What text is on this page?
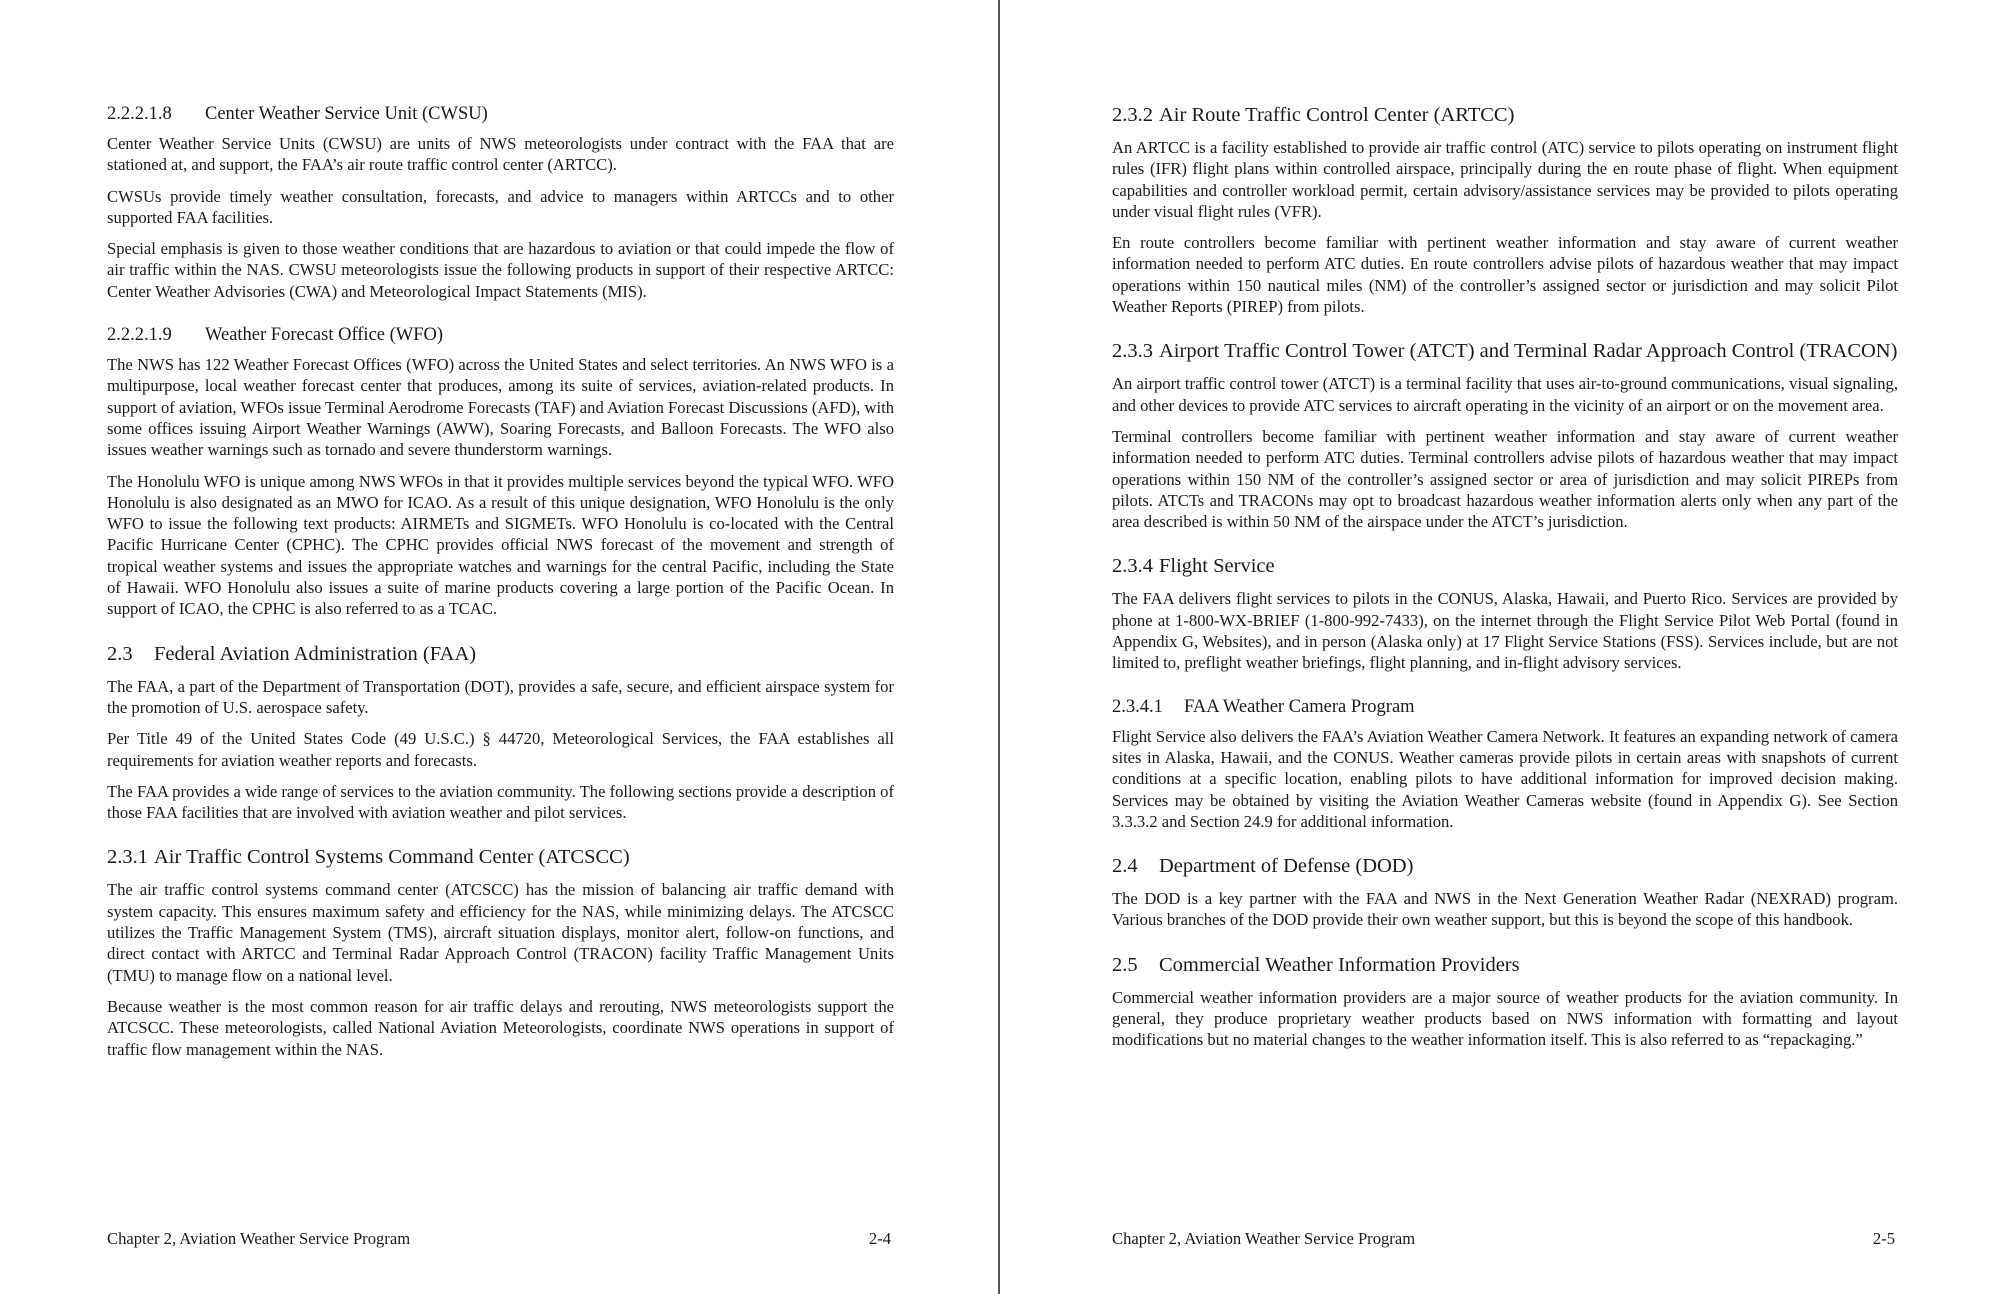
2.2.2.1.8	Center Weather Service Unit (CWSU)

Center Weather Service Units (CWSU) are units of NWS meteorologists under contract with the FAA that are stationed at, and support, the FAA’s air route traffic control center (ARTCC).

CWSUs provide timely weather consultation, forecasts, and advice to managers within ARTCCs and to other supported FAA facilities.

Special emphasis is given to those weather conditions that are hazardous to aviation or that could impede the flow of air traffic within the NAS. CWSU meteorologists issue the following products in support of their respective ARTCC: Center Weather Advisories (CWA) and Meteorological Impact Statements (MIS).

2.2.2.1.9	Weather Forecast Office (WFO)

The NWS has 122 Weather Forecast Offices (WFO) across the United States and select territories. An NWS WFO is a multipurpose, local weather forecast center that produces, among its suite of services, aviation-related products. In support of aviation, WFOs issue Terminal Aerodrome Forecasts (TAF) and Aviation Forecast Discussions (AFD), with some offices issuing Airport Weather Warnings (AWW), Soaring Forecasts, and Balloon Forecasts. The WFO also issues weather warnings such as tornado and severe thunderstorm warnings.

The Honolulu WFO is unique among NWS WFOs in that it provides multiple services beyond the typical WFO. WFO Honolulu is also designated as an MWO for ICAO. As a result of this unique designation, WFO Honolulu is the only WFO to issue the following text products: AIRMETs and SIGMETs. WFO Honolulu is co-located with the Central Pacific Hurricane Center (CPHC). The CPHC provides official NWS forecast of the movement and strength of tropical weather systems and issues the appropriate watches and warnings for the central Pacific, including the State of Hawaii. WFO Honolulu also issues a suite of marine products covering a large portion of the Pacific Ocean. In support of ICAO, the CPHC is also referred to as a TCAC.

2.3	Federal Aviation Administration (FAA)

The FAA, a part of the Department of Transportation (DOT), provides a safe, secure, and efficient airspace system for the promotion of U.S. aerospace safety.

Per Title 49 of the United States Code (49 U.S.C.) § 44720, Meteorological Services, the FAA establishes all requirements for aviation weather reports and forecasts.

The FAA provides a wide range of services to the aviation community. The following sections provide a description of those FAA facilities that are involved with aviation weather and pilot services.

2.3.1 Air Traffic Control Systems Command Center (ATCSCC)

The air traffic control systems command center (ATCSCC) has the mission of balancing air traffic demand with system capacity. This ensures maximum safety and efficiency for the NAS, while minimizing delays. The ATCSCC utilizes the Traffic Management System (TMS), aircraft situation displays, monitor alert, follow-on functions, and direct contact with ARTCC and Terminal Radar Approach Control (TRACON) facility Traffic Management Units (TMU) to manage flow on a national level.

Because weather is the most common reason for air traffic delays and rerouting, NWS meteorologists support the ATCSCC. These meteorologists, called National Aviation Meteorologists, coordinate NWS operations in support of traffic flow management within the NAS.

Chapter 2, Aviation Weather Service Program	2-4
2.3.2 Air Route Traffic Control Center (ARTCC)

An ARTCC is a facility established to provide air traffic control (ATC) service to pilots operating on instrument flight rules (IFR) flight plans within controlled airspace, principally during the en route phase of flight. When equipment capabilities and controller workload permit, certain advisory/assistance services may be provided to pilots operating under visual flight rules (VFR).

En route controllers become familiar with pertinent weather information and stay aware of current weather information needed to perform ATC duties. En route controllers advise pilots of hazardous weather that may impact operations within 150 nautical miles (NM) of the controller’s assigned sector or jurisdiction and may solicit Pilot Weather Reports (PIREP) from pilots.

2.3.3 Airport Traffic Control Tower (ATCT) and Terminal Radar Approach Control (TRACON)

An airport traffic control tower (ATCT) is a terminal facility that uses air-to-ground communications, visual signaling, and other devices to provide ATC services to aircraft operating in the vicinity of an airport or on the movement area.

Terminal controllers become familiar with pertinent weather information and stay aware of current weather information needed to perform ATC duties. Terminal controllers advise pilots of hazardous weather that may impact operations within 150 NM of the controller’s assigned sector or area of jurisdiction and may solicit PIREPs from pilots. ATCTs and TRACONs may opt to broadcast hazardous weather information alerts only when any part of the area described is within 50 NM of the airspace under the ATCT’s jurisdiction.

2.3.4 Flight Service

The FAA delivers flight services to pilots in the CONUS, Alaska, Hawaii, and Puerto Rico. Services are provided by phone at 1-800-WX-BRIEF (1-800-992-7433), on the internet through the Flight Service Pilot Web Portal (found in Appendix G, Websites), and in person (Alaska only) at 17 Flight Service Stations (FSS). Services include, but are not limited to, preflight weather briefings, flight planning, and in-flight advisory services.

2.3.4.1	FAA Weather Camera Program

Flight Service also delivers the FAA’s Aviation Weather Camera Network. It features an expanding network of camera sites in Alaska, Hawaii, and the CONUS. Weather cameras provide pilots in certain areas with snapshots of current conditions at a specific location, enabling pilots to have additional information for improved decision making. Services may be obtained by visiting the Aviation Weather Cameras website (found in Appendix G). See Section 3.3.3.2 and Section 24.9 for additional information.

2.4	Department of Defense (DOD)

The DOD is a key partner with the FAA and NWS in the Next Generation Weather Radar (NEXRAD) program. Various branches of the DOD provide their own weather support, but this is beyond the scope of this handbook.

2.5	Commercial Weather Information Providers

Commercial weather information providers are a major source of weather products for the aviation community. In general, they produce proprietary weather products based on NWS information with formatting and layout modifications but no material changes to the weather information itself. This is also referred to as “repackaging.”

Chapter 2, Aviation Weather Service Program	2-5
